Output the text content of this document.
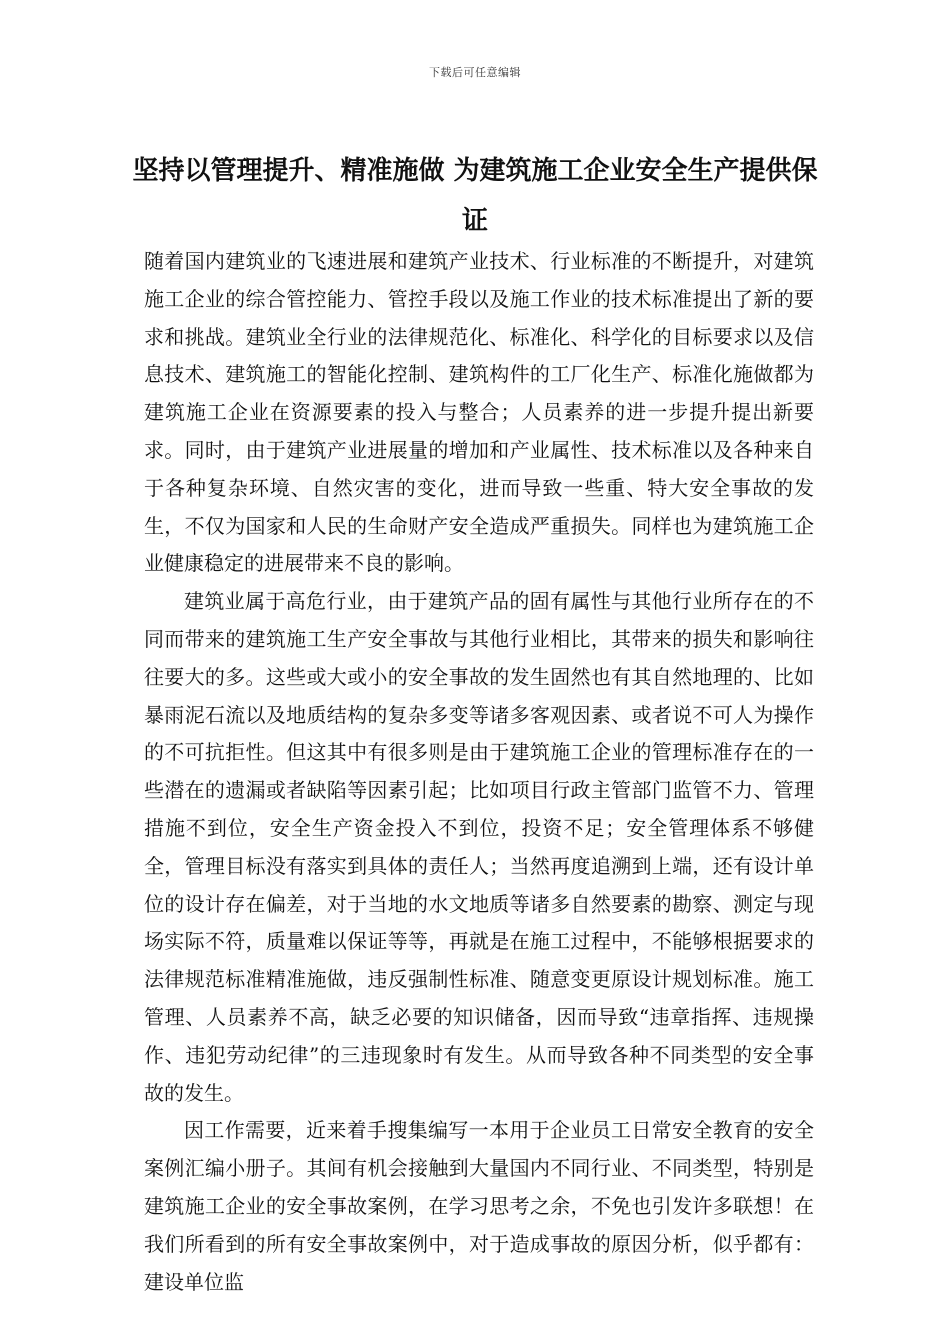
下载后可任意编辑
坚持以管理提升、精准施做 为建筑施工企业安全生产提供保证

随着国内建筑业的飞速进展和建筑产业技术、行业标准的不断提升，对建筑施工企业的综合管控能力、管控手段以及施工作业的技术标准提出了新的要求和挑战。建筑业全行业的法律规范化、标准化、科学化的目标要求以及信息技术、建筑施工的智能化控制、建筑构件的工厂化生产、标准化施做都为建筑施工企业在资源要素的投入与整合；人员素养的进一步提升提出新要求。同时，由于建筑产业进展量的增加和产业属性、技术标准以及各种来自于各种复杂环境、自然灾害的变化，进而导致一些重、特大安全事故的发生，不仅为国家和人民的生命财产安全造成严重损失。同样也为建筑施工企业健康稳定的进展带来不良的影响。

建筑业属于高危行业，由于建筑产品的固有属性与其他行业所存在的不同而带来的建筑施工生产安全事故与其他行业相比，其带来的损失和影响往往要大的多。这些或大或小的安全事故的发生固然也有其自然地理的、比如暴雨泥石流以及地质结构的复杂多变等诸多客观因素、或者说不可人为操作的不可抗拒性。但这其中有很多则是由于建筑施工企业的管理标准存在的一些潜在的遗漏或者缺陷等因素引起；比如项目行政主管部门监管不力、管理措施不到位，安全生产资金投入不到位，投资不足；安全管理体系不够健全，管理目标没有落实到具体的责任人；当然再度追溯到上端，还有设计单位的设计存在偏差，对于当地的水文地质等诸多自然要素的勘察、测定与现场实际不符，质量难以保证等等，再就是在施工过程中，不能够根据要求的法律规范标准精准施做，违反强制性标准、随意变更原设计规划标准。施工管理、人员素养不高，缺乏必要的知识储备，因而导致“违章指挥、违规操作、违犯劳动纪律”的三违现象时有发生。从而导致各种不同类型的安全事故的发生。

因工作需要，近来着手搜集编写一本用于企业员工日常安全教育的安全案例汇编小册子。其间有机会接触到大量国内不同行业、不同类型，特别是建筑施工企业的安全事故案例，在学习思考之余，不免也引发许多联想！在我们所看到的所有安全事故案例中，对于造成事故的原因分析，似乎都有：建设单位监
